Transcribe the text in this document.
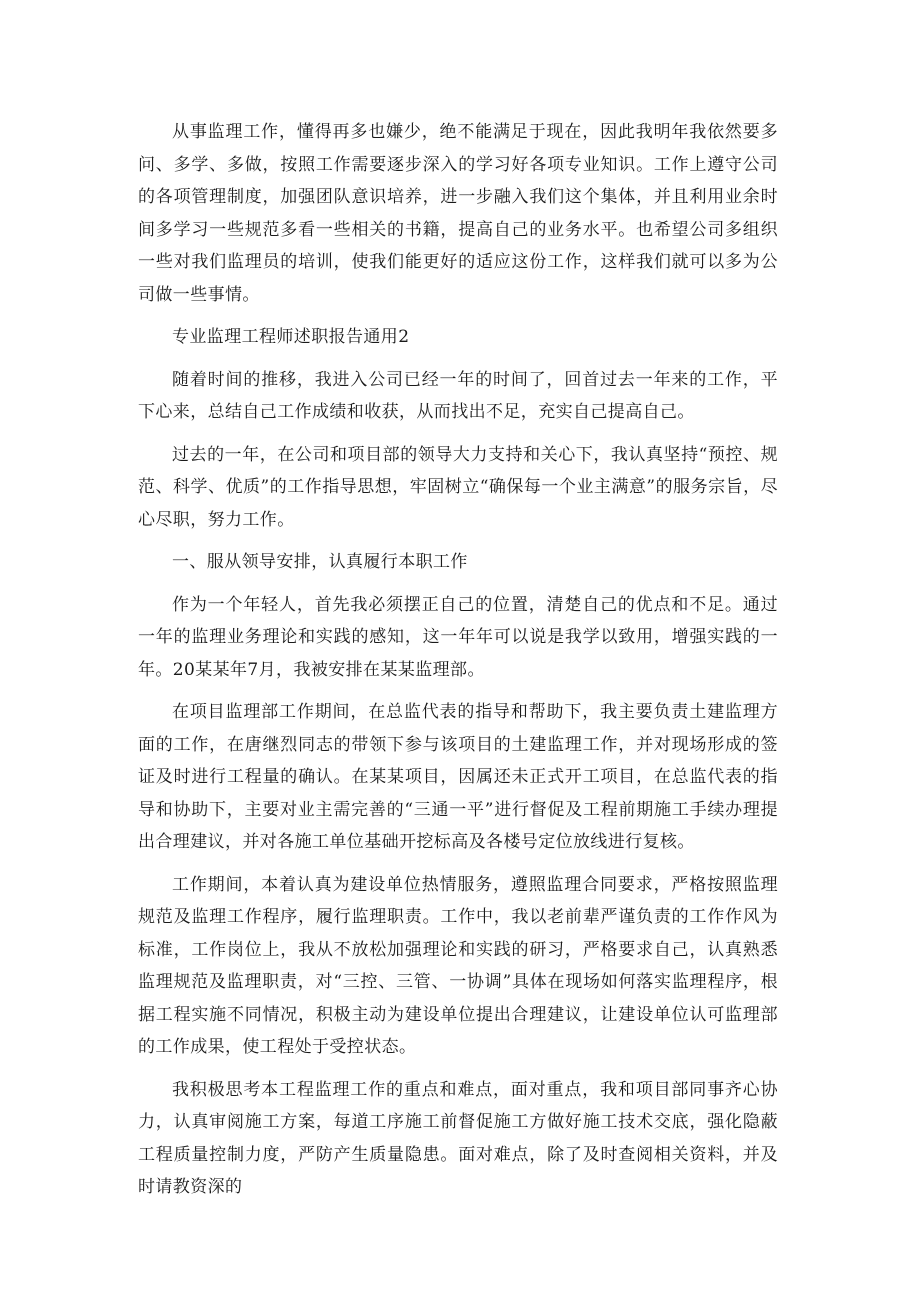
从事监理工作，懂得再多也嫌少，绝不能满足于现在，因此我明年我依然要多问、多学、多做，按照工作需要逐步深入的学习好各项专业知识。工作上遵守公司的各项管理制度，加强团队意识培养，进一步融入我们这个集体，并且利用业余时间多学习一些规范多看一些相关的书籍，提高自己的业务水平。也希望公司多组织一些对我们监理员的培训，使我们能更好的适应这份工作，这样我们就可以多为公司做一些事情。

专业监理工程师述职报告通用2

随着时间的推移，我进入公司已经一年的时间了，回首过去一年来的工作，平下心来，总结自己工作成绩和收获，从而找出不足，充实自己提高自己。

过去的一年，在公司和项目部的领导大力支持和关心下，我认真坚持“预控、规范、科学、优质”的工作指导思想，牢固树立“确保每一个业主满意”的服务宗旨，尽心尽职，努力工作。

一、服从领导安排，认真履行本职工作

作为一个年轻人，首先我必须摆正自己的位置，清楚自己的优点和不足。通过一年的监理业务理论和实践的感知，这一年年可以说是我学以致用，增强实践的一年。20某某年7月，我被安排在某某监理部。

在项目监理部工作期间，在总监代表的指导和帮助下，我主要负责土建监理方面的工作，在唐继烈同志的带领下参与该项目的土建监理工作，并对现场形成的签证及时进行工程量的确认。在某某项目，因属还未正式开工项目，在总监代表的指导和协助下，主要对业主需完善的“三通一平”进行督促及工程前期施工手续办理提出合理建议，并对各施工单位基础开挖标高及各楼号定位放线进行复核。

工作期间，本着认真为建设单位热情服务，遵照监理合同要求，严格按照监理规范及监理工作程序，履行监理职责。工作中，我以老前辈严谨负责的工作作风为标准，工作岗位上，我从不放松加强理论和实践的研习，严格要求自己，认真熟悉监理规范及监理职责，对“三控、三管、一协调”具体在现场如何落实监理程序，根据工程实施不同情况，积极主动为建设单位提出合理建议，让建设单位认可监理部的工作成果，使工程处于受控状态。

我积极思考本工程监理工作的重点和难点，面对重点，我和项目部同事齐心协力，认真审阅施工方案，每道工序施工前督促施工方做好施工技术交底，强化隐蔽工程质量控制力度，严防产生质量隐患。面对难点，除了及时查阅相关资料，并及时请教资深的
